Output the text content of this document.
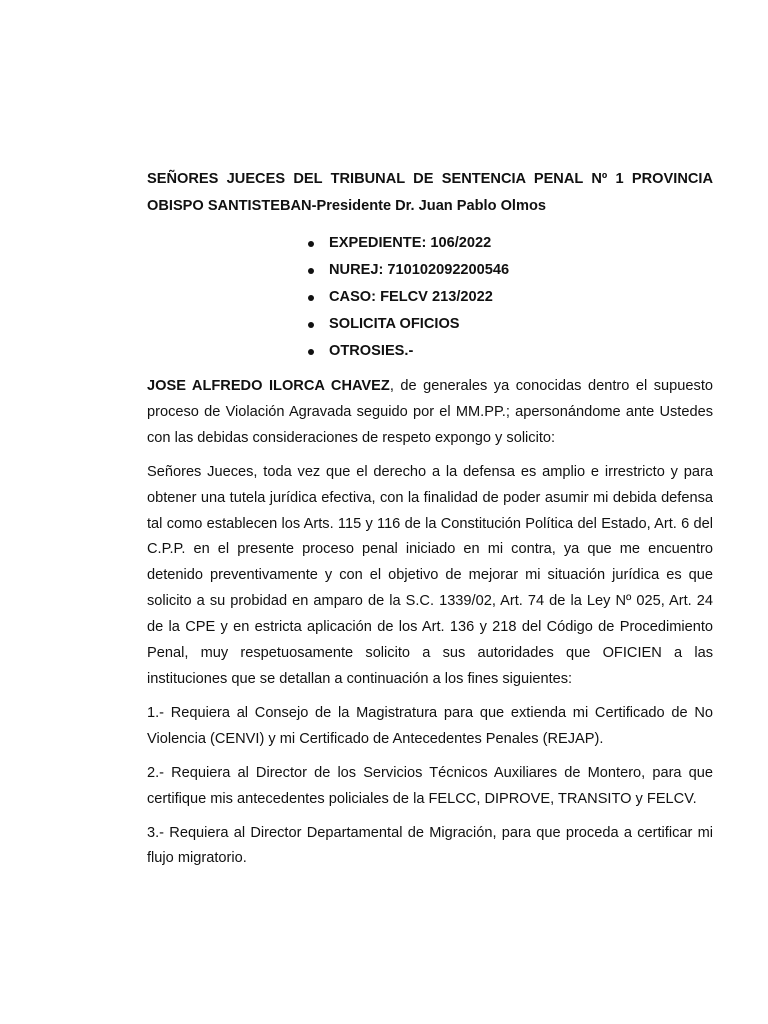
SEÑORES JUECES DEL TRIBUNAL DE SENTENCIA PENAL Nº 1 PROVINCIA OBISPO SANTISTEBAN-Presidente Dr. Juan Pablo Olmos

EXPEDIENTE: 106/2022
NUREJ: 710102092200546
CASO: FELCV 213/2022
SOLICITA OFICIOS
OTROSIES.-

JOSE ALFREDO ILORCA CHAVEZ, de generales ya conocidas dentro el supuesto proceso de Violación Agravada seguido por el MM.PP.; apersonándome ante Ustedes con las debidas consideraciones de respeto expongo y solicito:

Señores Jueces, toda vez que el derecho a la defensa es amplio e irrestricto y para obtener una tutela jurídica efectiva, con la finalidad de poder asumir mi debida defensa tal como establecen los Arts. 115 y 116 de la Constitución Política del Estado, Art. 6 del C.P.P. en el presente proceso penal iniciado en mi contra, ya que me encuentro detenido preventivamente y con el objetivo de mejorar mi situación jurídica es que solicito a su probidad en amparo de la S.C. 1339/02, Art. 74 de la Ley Nº 025, Art. 24 de la CPE y en estricta aplicación de los Art. 136 y 218 del Código de Procedimiento Penal, muy respetuosamente solicito a sus autoridades que OFICIEN a las instituciones que se detallan a continuación a los fines siguientes:

1.- Requiera al Consejo de la Magistratura para que extienda mi Certificado de No Violencia (CENVI) y mi Certificado de Antecedentes Penales (REJAP).

2.- Requiera al Director de los Servicios Técnicos Auxiliares de Montero, para que certifique mis antecedentes policiales de la FELCC, DIPROVE, TRANSITO y FELCV.

3.- Requiera al Director Departamental de Migración, para que proceda a certificar mi flujo migratorio.
